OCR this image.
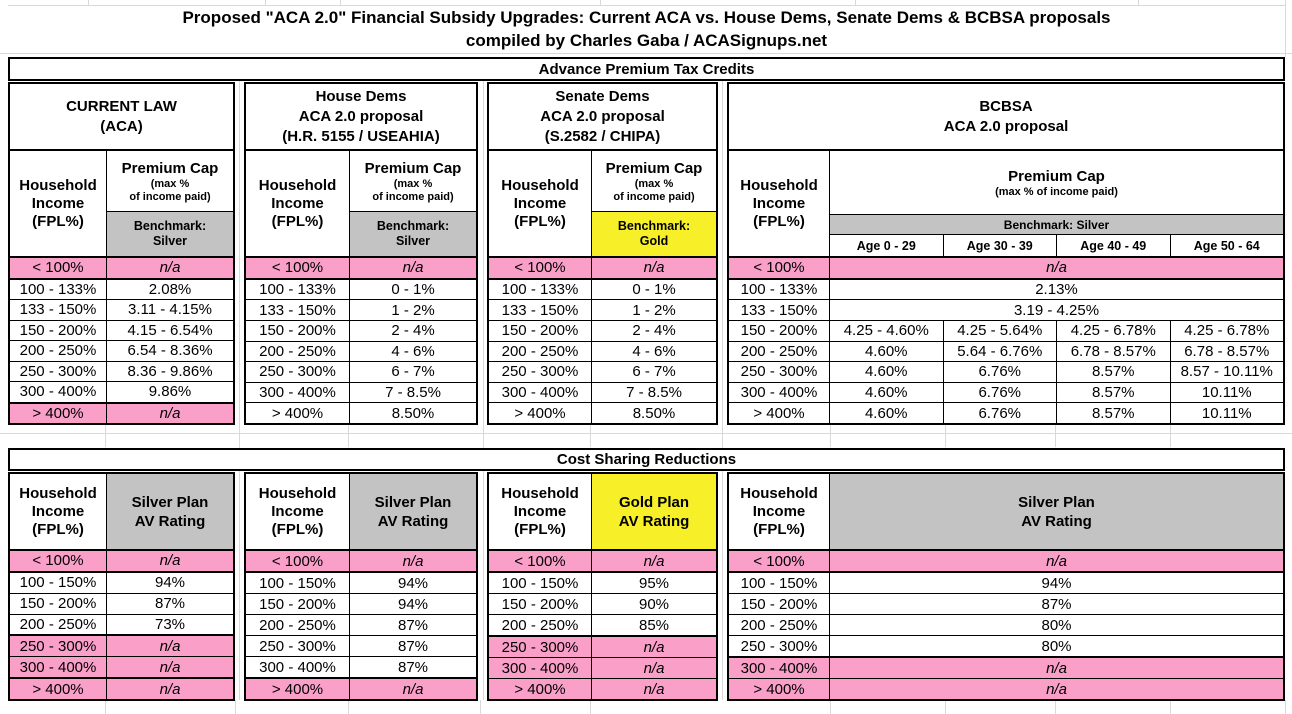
Proposed "ACA 2.0" Financial Subsidy Upgrades: Current ACA vs. House Dems, Senate Dems & BCBSA proposals
compiled by Charles Gaba / ACASignups.net
Advance Premium Tax Credits
CURRENT LAW
(ACA)
Household
Income
(FPL%)
Premium Cap
(max %
of income paid)
Benchmark:
Silver
< 100%	n/a
100 - 133%	2.08%
133 - 150%	3.11 - 4.15%
150 - 200%	4.15 - 6.54%
200 - 250%	6.54 - 8.36%
250 - 300%	8.36 - 9.86%
300 - 400%	9.86%
> 400%	n/a
House Dems
ACA 2.0 proposal
(H.R. 5155 / USEAHIA)
Household
Income
(FPL%)
Premium Cap
(max %
of income paid)
Benchmark:
Silver
< 100%	n/a
100 - 133%	0 - 1%
133 - 150%	1 - 2%
150 - 200%	2 - 4%
200 - 250%	4 - 6%
250 - 300%	6 - 7%
300 - 400%	7 - 8.5%
> 400%	8.50%
Senate Dems
ACA 2.0 proposal
(S.2582 / CHIPA)
Household
Income
(FPL%)
Premium Cap
(max %
of income paid)
Benchmark:
Gold
< 100%	n/a
100 - 133%	0 - 1%
133 - 150%	1 - 2%
150 - 200%	2 - 4%
200 - 250%	4 - 6%
250 - 300%	6 - 7%
300 - 400%	7 - 8.5%
> 400%	8.50%
BCBSA
ACA 2.0 proposal
Household
Income
(FPL%)
Premium Cap
(max % of income paid)
Benchmark: Silver
Age 0 - 29	Age 30 - 39	Age 40 - 49	Age 50 - 64
< 100%	n/a
100 - 133%	2.13%
133 - 150%	3.19 - 4.25%
150 - 200%	4.25 - 4.60%	4.25 - 5.64%	4.25 - 6.78%	4.25 - 6.78%
200 - 250%	4.60%	5.64 - 6.76%	6.78 - 8.57%	6.78 - 8.57%
250 - 300%	4.60%	6.76%	8.57%	8.57 - 10.11%
300 - 400%	4.60%	6.76%	8.57%	10.11%
> 400%	4.60%	6.76%	8.57%	10.11%
Cost Sharing Reductions
Household
Income
(FPL%)
Silver Plan
AV Rating
< 100%	n/a
100 - 150%	94%
150 - 200%	87%
200 - 250%	73%
250 - 300%	n/a
300 - 400%	n/a
> 400%	n/a
Household
Income
(FPL%)
Silver Plan
AV Rating
< 100%	n/a
100 - 150%	94%
150 - 200%	94%
200 - 250%	87%
250 - 300%	87%
300 - 400%	87%
> 400%	n/a
Household
Income
(FPL%)
Gold Plan
AV Rating
< 100%	n/a
100 - 150%	95%
150 - 200%	90%
200 - 250%	85%
250 - 300%	n/a
300 - 400%	n/a
> 400%	n/a
Household
Income
(FPL%)
Silver Plan
AV Rating
< 100%	n/a
100 - 150%	94%
150 - 200%	87%
200 - 250%	80%
250 - 300%	80%
300 - 400%	n/a
> 400%	n/a
